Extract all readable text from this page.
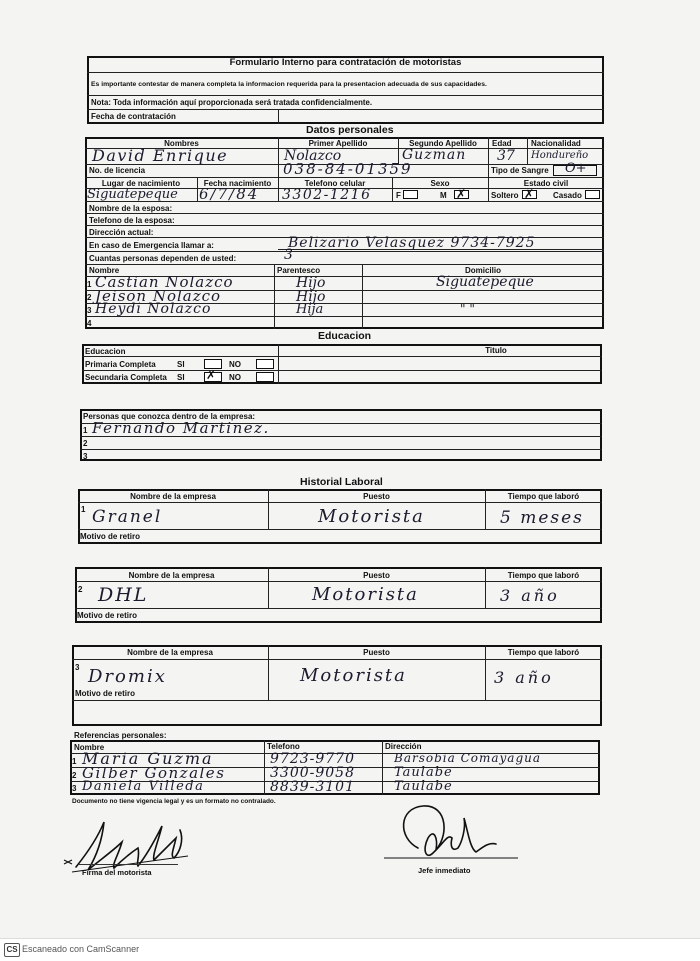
Formulario Interno para contratación de motoristas
Es importante contestar de manera completa la informacion requerida para la presentacion adecuada de sus capacidades.
Nota: Toda información aquí proporcionada será tratada confidencialmente.
Fecha de contratación
Datos personales
Nombres	Primer Apellido	Segundo Apellido	Edad Nacionalidad
David Enrique	Nolazco	Guzman 37 Hondureño
No. de licencia	038-84-01359	Tipo de Sangre O+
Lugar de nacimiento	Fecha nacimiento	Telefono celular	Sexo	Estado civil
Siguatepeque 6/7/84 3302-1216	F	M ✗	Soltero ✗ Casado
Nombre de la esposa:
Telefono de la esposa:
Dirección actual:
En caso de Emergencia llamar a:	Belizario Velasquez 9734-7925
Cuantas personas dependen de usted:	3
Nombre	Parentesco	Domicilio
1 Castian Nolazco	Hijo	Siguatepeque
2 Jeison Nolazco	Hijo
3 Heydi Nolazco	Hija	" "
4
Educacion
Educacion	Titulo
Primaria Completa	SI	NO
Secundaria Completa SI ✗ NO
Personas que conozca dentro de la empresa:
1 Fernando Martinez.
2
3
Historial Laboral
Nombre de la empresa	Puesto	Tiempo que laboró
1 Granel	Motorista	5 meses
Motivo de retiro
Nombre de la empresa	Puesto	Tiempo que laboró
2 DHL	Motorista	3 año
Motivo de retiro
Nombre de la empresa	Puesto	Tiempo que laboró
3 Dromix	Motorista	3 año
Motivo de retiro
Referencias personales:
Nombre	Telefono	Dirección
1 Maria Guzma	9723-9770	Barsobia Comayagua
2 Gilber Gonzales	3300-9058	Taulabe
3 Daniela Villeda	8839-3101	Taulabe
Documento no tiene vigencia legal y es un formato no contralado.
Firma del motorista	Jefe inmediato
CS Escaneado con CamScanner
